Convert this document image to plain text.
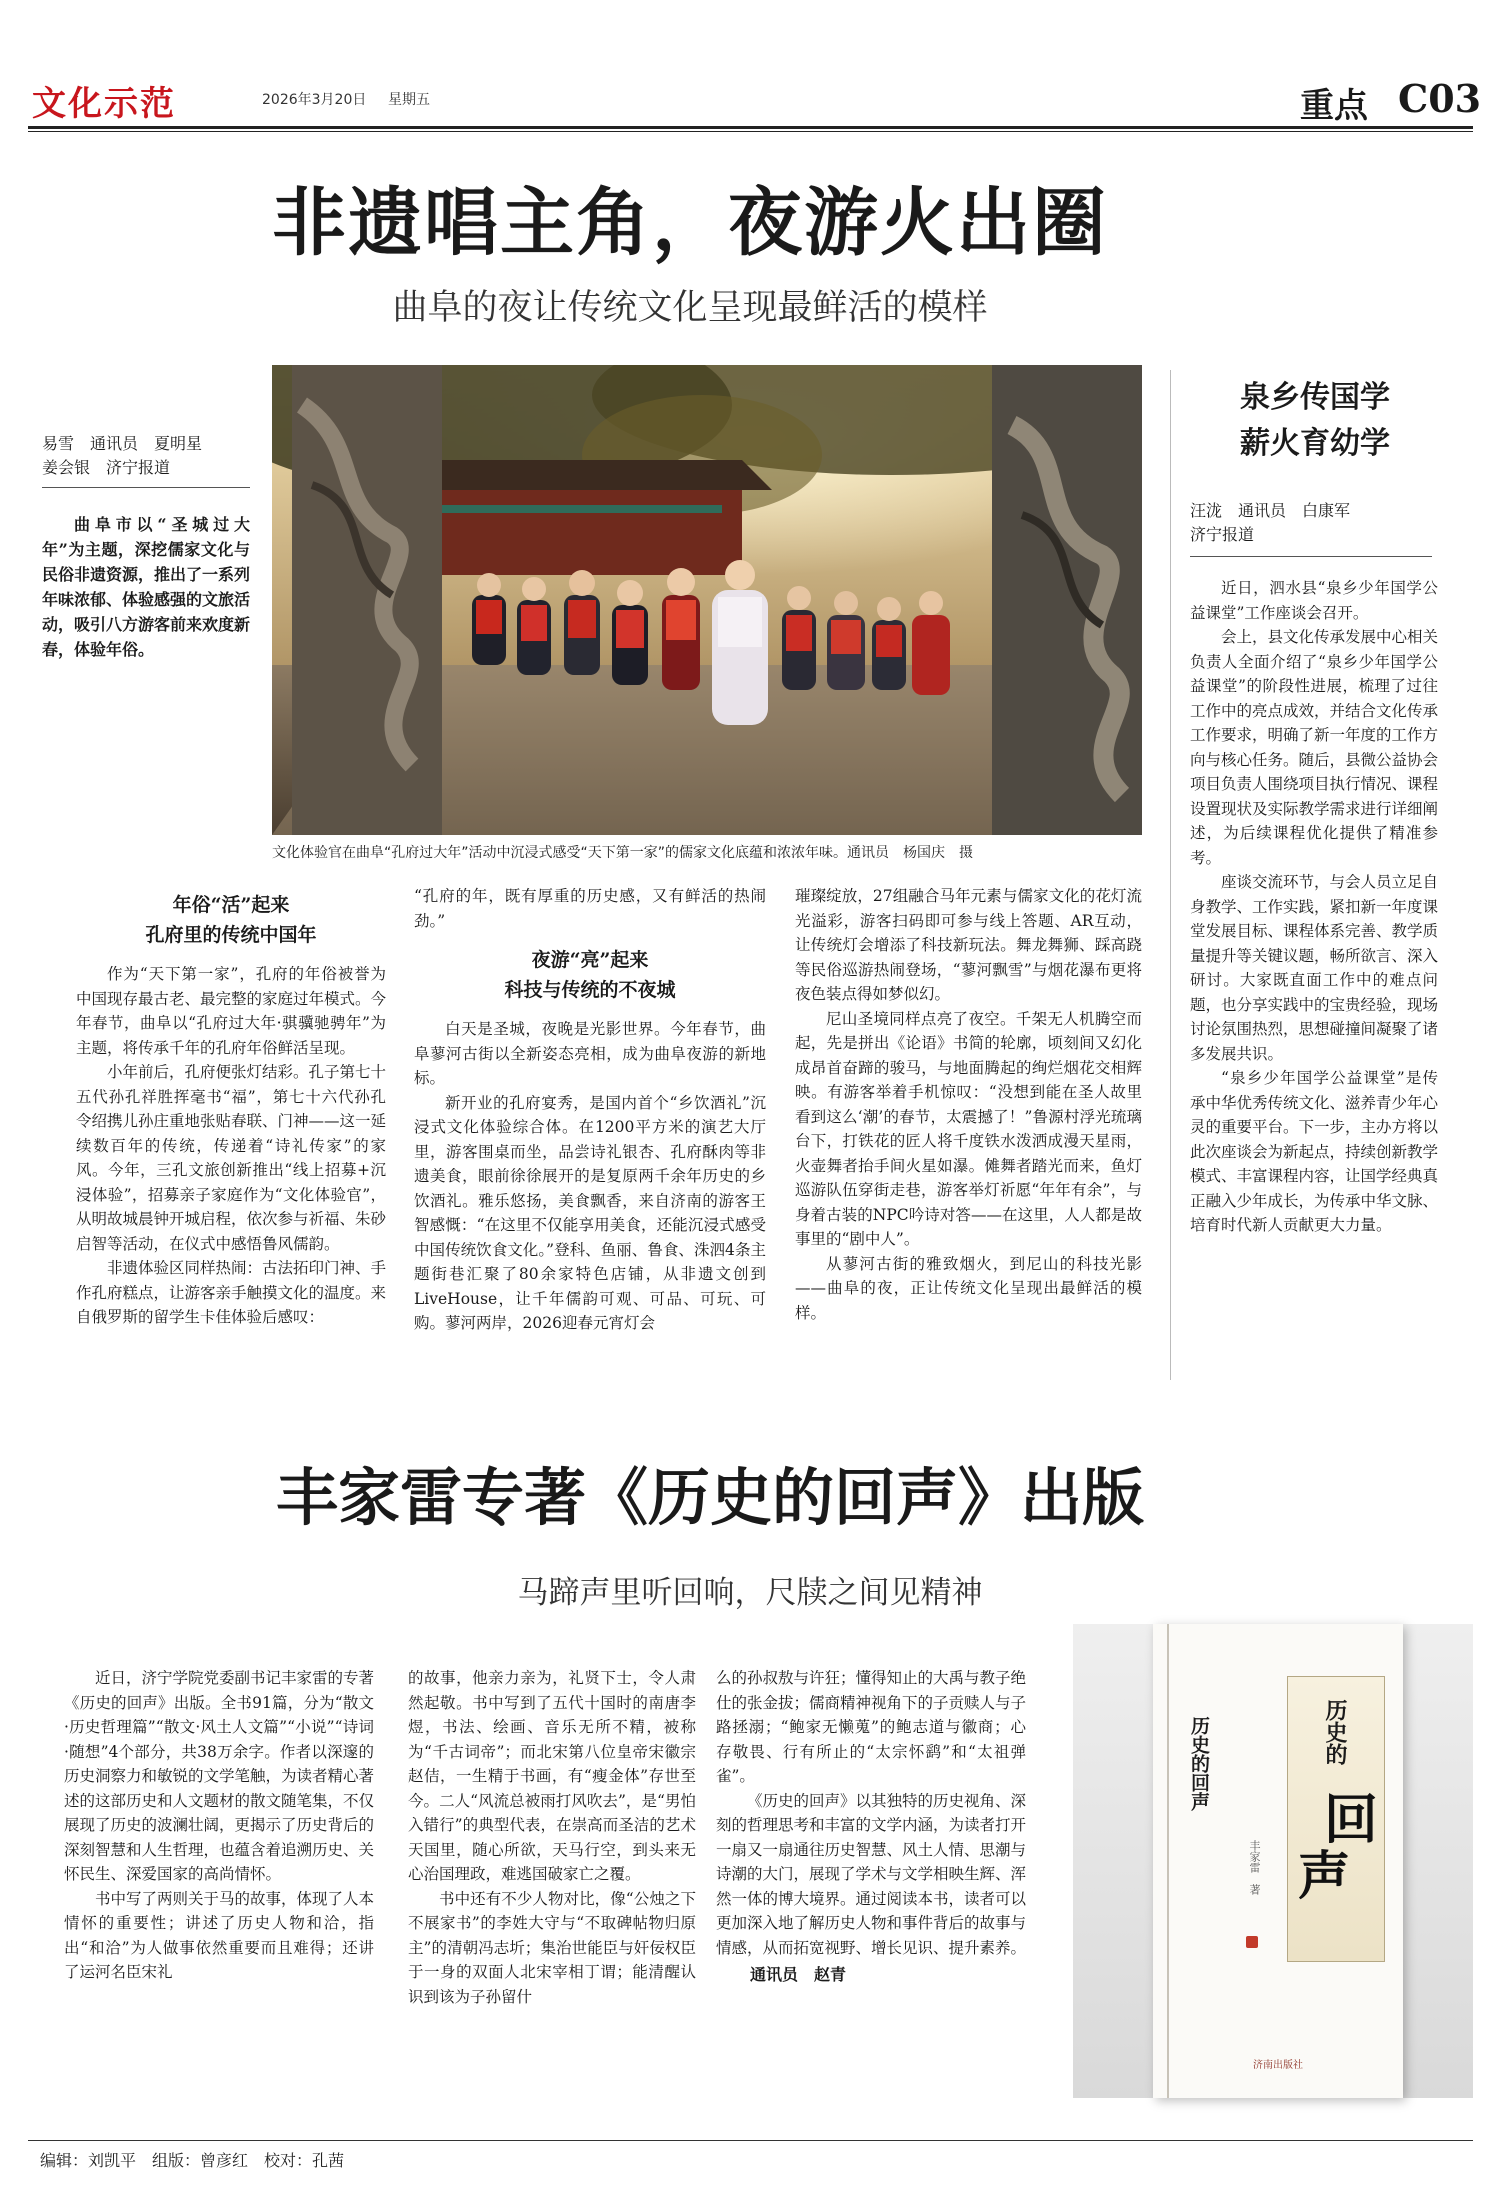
文化示范	2026年3月20日 星期五	重点 C03
非遗唱主角，夜游火出圈
曲阜的夜让传统文化呈现最鲜活的模样
易雪　通讯员　夏明星
姜会银　济宁报道

曲阜市以“圣城过大年”为主题，深挖儒家文化与民俗非遗资源，推出了一系列年味浓郁、体验感强的文旅活动，吸引八方游客前来欢度新春，体验年俗。

文化体验官在曲阜“孔府过大年”活动中沉浸式感受“天下第一家”的儒家文化底蕴和浓浓年味。通讯员　杨国庆　摄
泉乡传国学
薪火育幼学
汪泷　通讯员　白康军
济宁报道

近日，泗水县“泉乡少年国学公益课堂”工作座谈会召开。

会上，县文化传承发展中心相关负责人全面介绍了“泉乡少年国学公益课堂”的阶段性进展，梳理了过往工作中的亮点成效，并结合文化传承工作要求，明确了新一年度的工作方向与核心任务。随后，县微公益协会项目负责人围绕项目执行情况、课程设置现状及实际教学需求进行详细阐述，为后续课程优化提供了精准参考。

座谈交流环节，与会人员立足自身教学、工作实践，紧扣新一年度课堂发展目标、课程体系完善、教学质量提升等关键议题，畅所欲言、深入研讨。大家既直面工作中的难点问题，也分享实践中的宝贵经验，现场讨论氛围热烈，思想碰撞间凝聚了诸多发展共识。

“泉乡少年国学公益课堂”是传承中华优秀传统文化、滋养青少年心灵的重要平台。下一步，主办方将以此次座谈会为新起点，持续创新教学模式、丰富课程内容，让国学经典真正融入少年成长，为传承中华文脉、培育时代新人贡献更大力量。

年俗“活”起来
孔府里的传统中国年

作为“天下第一家”，孔府的年俗被誉为中国现存最古老、最完整的家庭过年模式。今年春节，曲阜以“孔府过大年·骐骥驰骋年”为主题，将传承千年的孔府年俗鲜活呈现。

小年前后，孔府便张灯结彩。孔子第七十五代孙孔祥胜挥毫书“福”，第七十六代孙孔令绍携儿孙庄重地张贴春联、门神——这一延续数百年的传统，传递着“诗礼传家”的家风。今年，三孔文旅创新推出“线上招募+沉浸体验”，招募亲子家庭作为“文化体验官”，从明故城晨钟开城启程，依次参与祈福、朱砂启智等活动，在仪式中感悟鲁风儒韵。

非遗体验区同样热闹：古法拓印门神、手作孔府糕点，让游客亲手触摸文化的温度。来自俄罗斯的留学生卡佳体验后感叹：

“孔府的年，既有厚重的历史感，又有鲜活的热闹劲。”

夜游“亮”起来
科技与传统的不夜城

白天是圣城，夜晚是光影世界。今年春节，曲阜蓼河古街以全新姿态亮相，成为曲阜夜游的新地标。

新开业的孔府宴秀，是国内首个“乡饮酒礼”沉浸式文化体验综合体。在1200平方米的演艺大厅里，游客围桌而坐，品尝诗礼银杏、孔府酥肉等非遗美食，眼前徐徐展开的是复原两千余年历史的乡饮酒礼。雅乐悠扬，美食飘香，来自济南的游客王智感慨：“在这里不仅能享用美食，还能沉浸式感受中国传统饮食文化。”登科、鱼丽、鲁食、洙泗4条主题街巷汇聚了80余家特色店铺，从非遗文创到LiveHouse，让千年儒韵可观、可品、可玩、可购。蓼河两岸，2026迎春元宵灯会

璀璨绽放，27组融合马年元素与儒家文化的花灯流光溢彩，游客扫码即可参与线上答题、AR互动，让传统灯会增添了科技新玩法。舞龙舞狮、踩高跷等民俗巡游热闹登场，“蓼河飘雪”与烟花瀑布更将夜色装点得如梦似幻。

尼山圣境同样点亮了夜空。千架无人机腾空而起，先是拼出《论语》书简的轮廓，顷刻间又幻化成昂首奋蹄的骏马，与地面腾起的绚烂烟花交相辉映。有游客举着手机惊叹：“没想到能在圣人故里看到这么‘潮’的春节，太震撼了！”鲁源村浮光琉璃台下，打铁花的匠人将千度铁水泼洒成漫天星雨，火壶舞者抬手间火星如瀑。傩舞者踏光而来，鱼灯巡游队伍穿街走巷，游客举灯祈愿“年年有余”，与身着古装的NPC吟诗对答——在这里，人人都是故事里的“剧中人”。

从蓼河古街的雅致烟火，到尼山的科技光影——曲阜的夜，正让传统文化呈现出最鲜活的模样。

丰家雷专著《历史的回声》出版
马蹄声里听回响，尺牍之间见精神

近日，济宁学院党委副书记丰家雷的专著《历史的回声》出版。全书91篇，分为“散文·历史哲理篇”“散文·风土人文篇”“小说”“诗词·随想”4个部分，共38万余字。作者以深邃的历史洞察力和敏锐的文学笔触，为读者精心著述的这部历史和人文题材的散文随笔集，不仅展现了历史的波澜壮阔，更揭示了历史背后的深刻智慧和人生哲理，也蕴含着追溯历史、关怀民生、深爱国家的高尚情怀。

书中写了两则关于马的故事，体现了人本情怀的重要性；讲述了历史人物和洽，指出“和洽”为人做事依然重要而且难得；还讲了运河名臣宋礼

的故事，他亲力亲为，礼贤下士，令人肃然起敬。书中写到了五代十国时的南唐李煜，书法、绘画、音乐无所不精，被称为“千古词帝”；而北宋第八位皇帝宋徽宗赵佶，一生精于书画，有“瘦金体”存世至今。二人“风流总被雨打风吹去”，是“男怕入错行”的典型代表，在崇高而圣洁的艺术天国里，随心所欲，天马行空，到头来无心治国理政，难逃国破家亡之覆。

书中还有不少人物对比，像“公烛之下不展家书”的李姓大守与“不取碑帖物归原主”的清朝冯志圻；集治世能臣与奸佞权臣于一身的双面人北宋宰相丁谓；能清醒认识到该为子孙留什

么的孙叔敖与许狂；懂得知止的大禹与教子绝仕的张金拔；儒商精神视角下的子贡赎人与子路拯溺；“鲍家无懒蒐”的鲍志道与徽商；心存敬畏、行有所止的“太宗怀鹞”和“太祖弹雀”。

《历史的回声》以其独特的历史视角、深刻的哲理思考和丰富的文学内涵，为读者打开一扇又一扇通往历史智慧、风土人情、思潮与诗潮的大门，展现了学术与文学相映生辉、浑然一体的博大境界。通过阅读本书，读者可以更加深入地了解历史人物和事件背后的故事与情感，从而拓宽视野、增长见识、提升素养。

通讯员　赵青
历史的回声
丰家雷　著
历史的
回
声
济南出版社
编辑：刘凯平　组版：曾彦红　校对：孔茜
